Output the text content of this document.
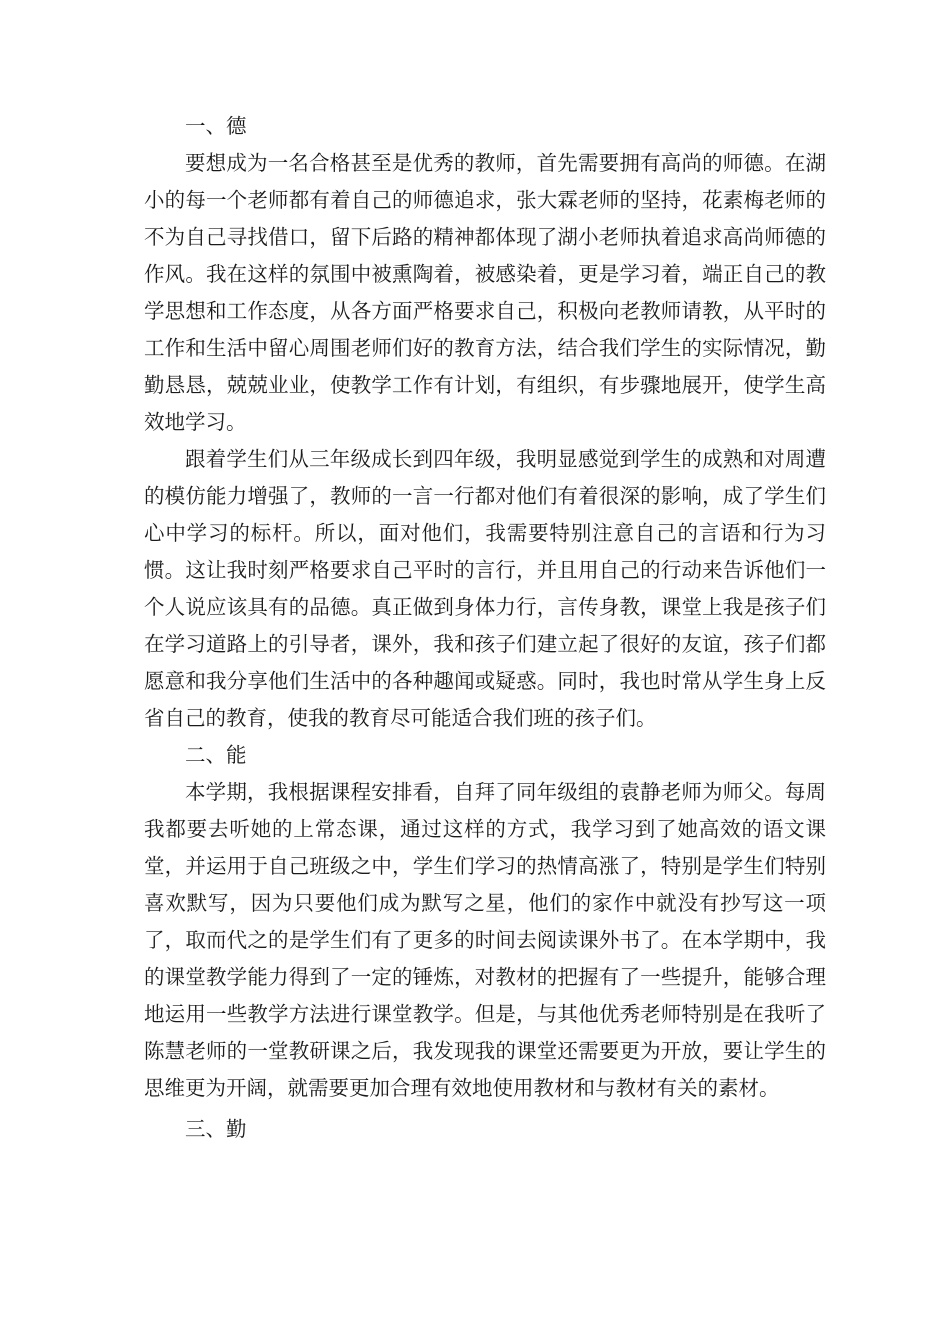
一、德

要想成为一名合格甚至是优秀的教师，首先需要拥有高尚的师德。在湖小的每一个老师都有着自己的师德追求，张大霖老师的坚持，花素梅老师的不为自己寻找借口，留下后路的精神都体现了湖小老师执着追求高尚师德的作风。我在这样的氛围中被熏陶着，被感染着，更是学习着，端正自己的教学思想和工作态度，从各方面严格要求自己，积极向老教师请教，从平时的工作和生活中留心周围老师们好的教育方法，结合我们学生的实际情况，勤勤恳恳，兢兢业业，使教学工作有计划，有组织，有步骤地展开，使学生高效地学习。

跟着学生们从三年级成长到四年级，我明显感觉到学生的成熟和对周遭的模仿能力增强了，教师的一言一行都对他们有着很深的影响，成了学生们心中学习的标杆。所以，面对他们，我需要特别注意自己的言语和行为习惯。这让我时刻严格要求自己平时的言行，并且用自己的行动来告诉他们一个人说应该具有的品德。真正做到身体力行，言传身教，课堂上我是孩子们在学习道路上的引导者，课外，我和孩子们建立起了很好的友谊，孩子们都愿意和我分享他们生活中的各种趣闻或疑惑。同时，我也时常从学生身上反省自己的教育，使我的教育尽可能适合我们班的孩子们。

二、能

本学期，我根据课程安排看，自拜了同年级组的袁静老师为师父。每周我都要去听她的上常态课，通过这样的方式，我学习到了她高效的语文课堂，并运用于自己班级之中，学生们学习的热情高涨了，特别是学生们特别喜欢默写，因为只要他们成为默写之星，他们的家作中就没有抄写这一项了，取而代之的是学生们有了更多的时间去阅读课外书了。在本学期中，我的课堂教学能力得到了一定的锤炼，对教材的把握有了一些提升，能够合理地运用一些教学方法进行课堂教学。但是，与其他优秀老师特别是在我听了陈慧老师的一堂教研课之后，我发现我的课堂还需要更为开放，要让学生的思维更为开阔，就需要更加合理有效地使用教材和与教材有关的素材。

三、勤
